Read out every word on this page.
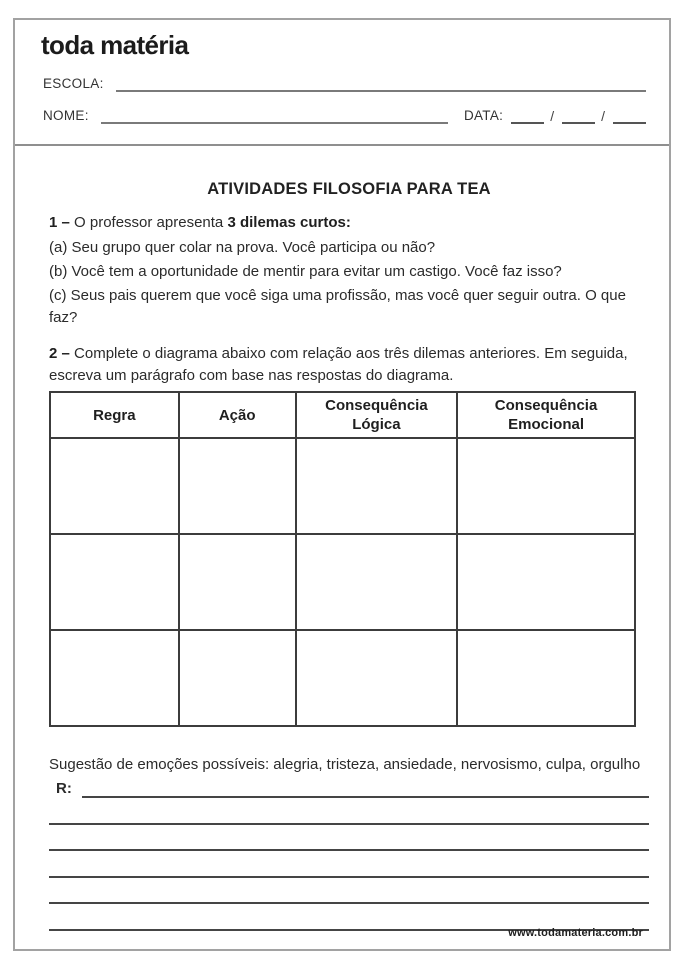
toda matéria
ESCOLA:
NOME:	DATA:	/	/
ATIVIDADES FILOSOFIA PARA TEA

1 – O professor apresenta 3 dilemas curtos:

(a) Seu grupo quer colar na prova. Você participa ou não?

(b) Você tem a oportunidade de mentir para evitar um castigo. Você faz isso?

(c) Seus pais querem que você siga uma profissão, mas você quer seguir outra. O que faz?

2 – Complete o diagrama abaixo com relação aos três dilemas anteriores. Em seguida, escreva um parágrafo com base nas respostas do diagrama.

Regra	Ação	Consequência Lógica	Consequência Emocional

Sugestão de emoções possíveis: alegria, tristeza, ansiedade, nervosismo, culpa, orgulho

R:
www.todamateria.com.br
